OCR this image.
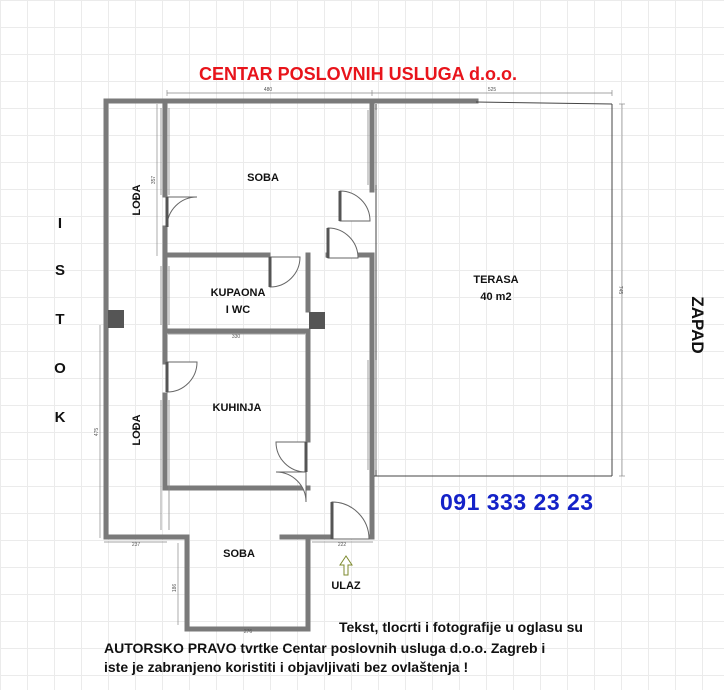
CENTAR POSLOVNIH USLUGA d.o.o.
SOBA
LOĐA
KUPAONA
I WC
KUHINJA
LOĐA
SOBA
TERASA
40 m2
ULAZ
480	525
745
357
330
475
237
186
276
222
I
S
T
O
K
ZAPAD
091 333 23 23
Tekst, tlocrti i fotografije u oglasu su
AUTORSKO PRAVO tvrtke Centar poslovnih usluga d.o.o. Zagreb i
iste je zabranjeno koristiti i objavljivati bez ovlaštenja !
